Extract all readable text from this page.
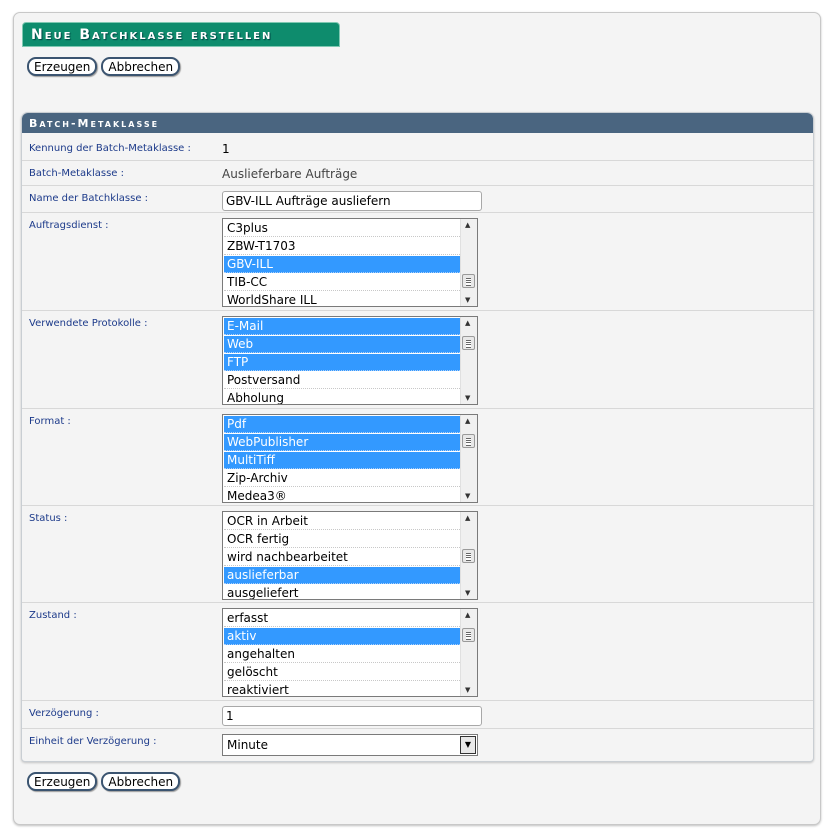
Neue Batchklasse erstellen
Erzeugen Abbrechen
Batch-Metaklasse
Kennung der Batch-Metaklasse :	1
Batch-Metaklasse :	Auslieferbare Aufträge
Name der Batchklasse :	GBV-ILL Aufträge ausliefern
Auftragsdienst :	C3plus
ZBW-T1703
GBV-ILL
TIB-CC
WorldShare ILL
▲
▼
Verwendete Protokolle :	E-Mail
Web
FTP
Postversand
Abholung
▲
▼
Format :	Pdf
WebPublisher
MultiTiff
Zip-Archiv
Medea3®
▲
▼
Status :	OCR in Arbeit
OCR fertig
wird nachbearbeitet
auslieferbar
ausgeliefert
▲
▼
Zustand :	erfasst
aktiv
angehalten
gelöscht
reaktiviert
▲
▼
Verzögerung :	1
Einheit der Verzögerung :	Minute	▼
Erzeugen Abbrechen
